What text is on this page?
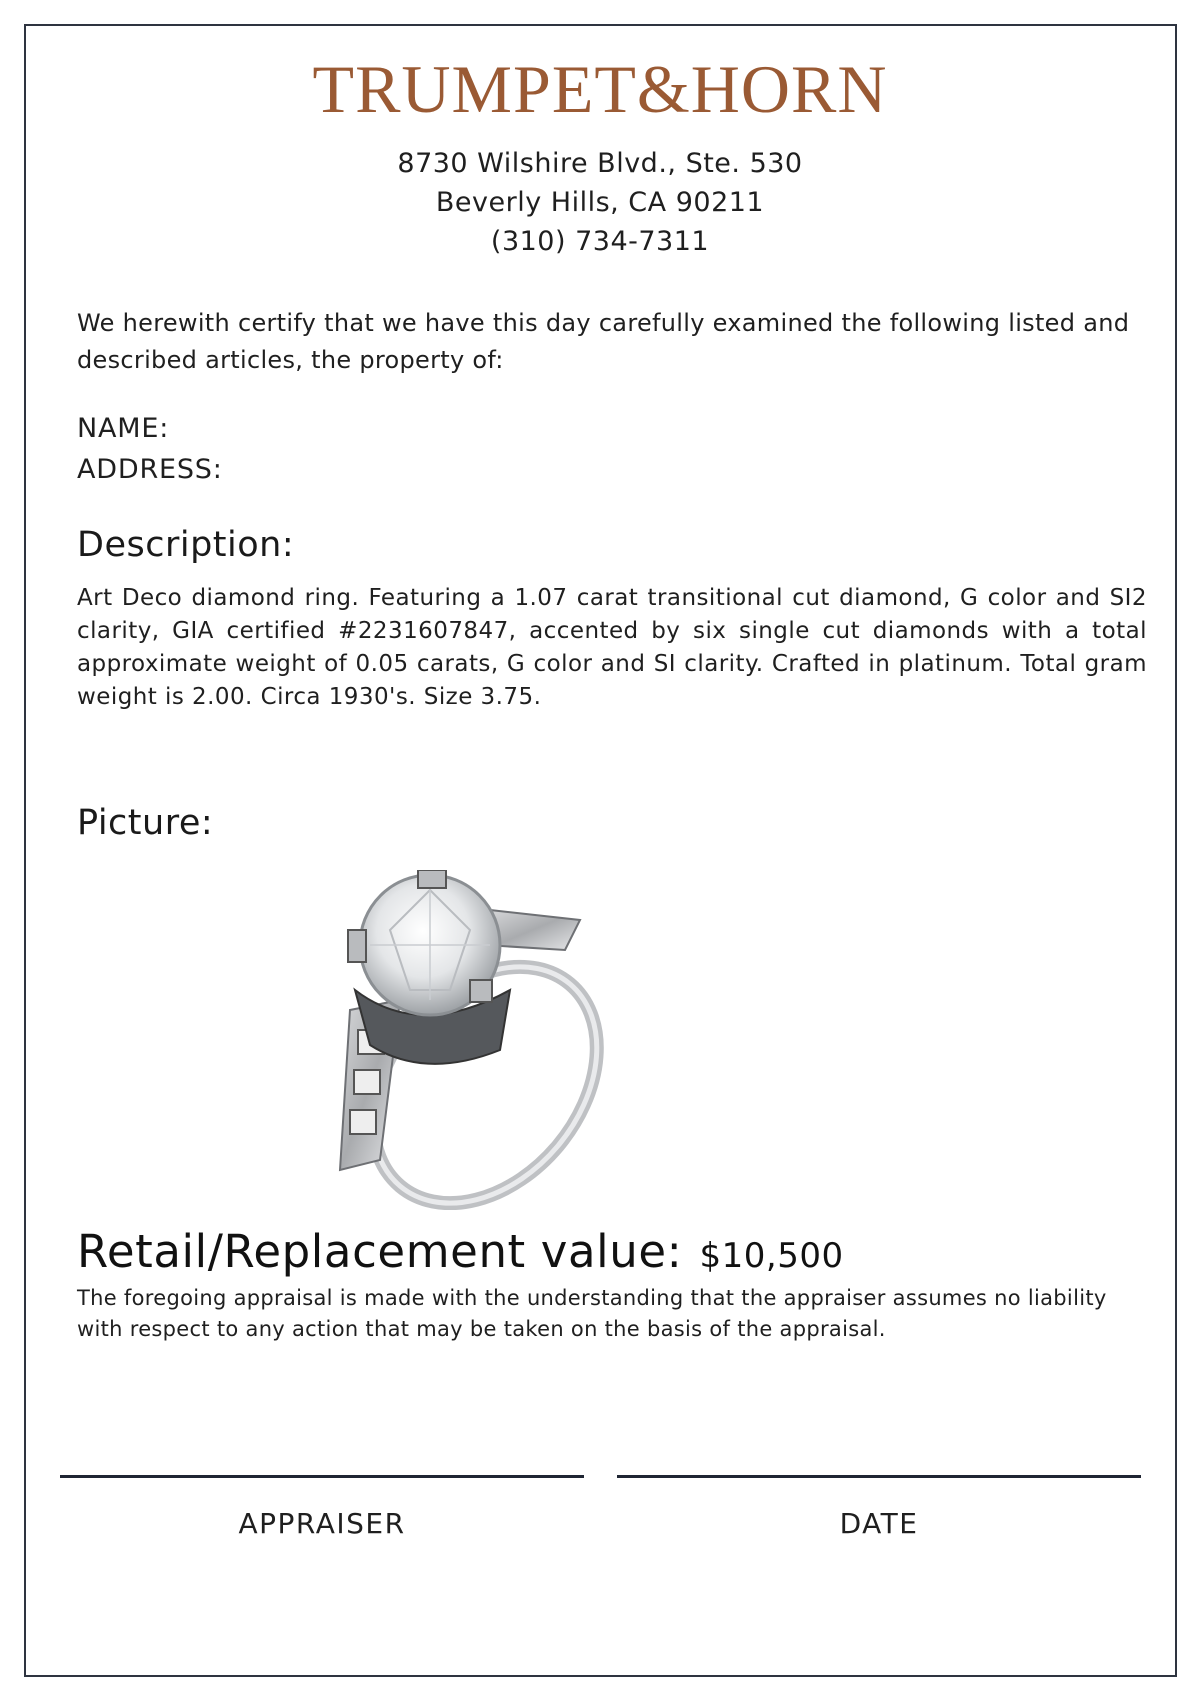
TRUMPET&HORN
8730 Wilshire Blvd., Ste. 530
Beverly Hills, CA 90211
(310) 734-7311
We herewith certify that we have this day carefully examined the following listed and described articles, the property of:
NAME:
ADDRESS:
Description:
Art Deco diamond ring. Featuring a 1.07 carat transitional cut diamond, G color and SI2 clarity, GIA certified #2231607847, accented by six single cut diamonds with a total approximate weight of 0.05 carats, G color and SI clarity. Crafted in platinum. Total gram weight is 2.00. Circa 1930's. Size 3.75.
Picture:
Retail/Replacement value: $10,500
The foregoing appraisal is made with the understanding that the appraiser assumes no liability with respect to any action that may be taken on the basis of the appraisal.
APPRAISER	DATE
